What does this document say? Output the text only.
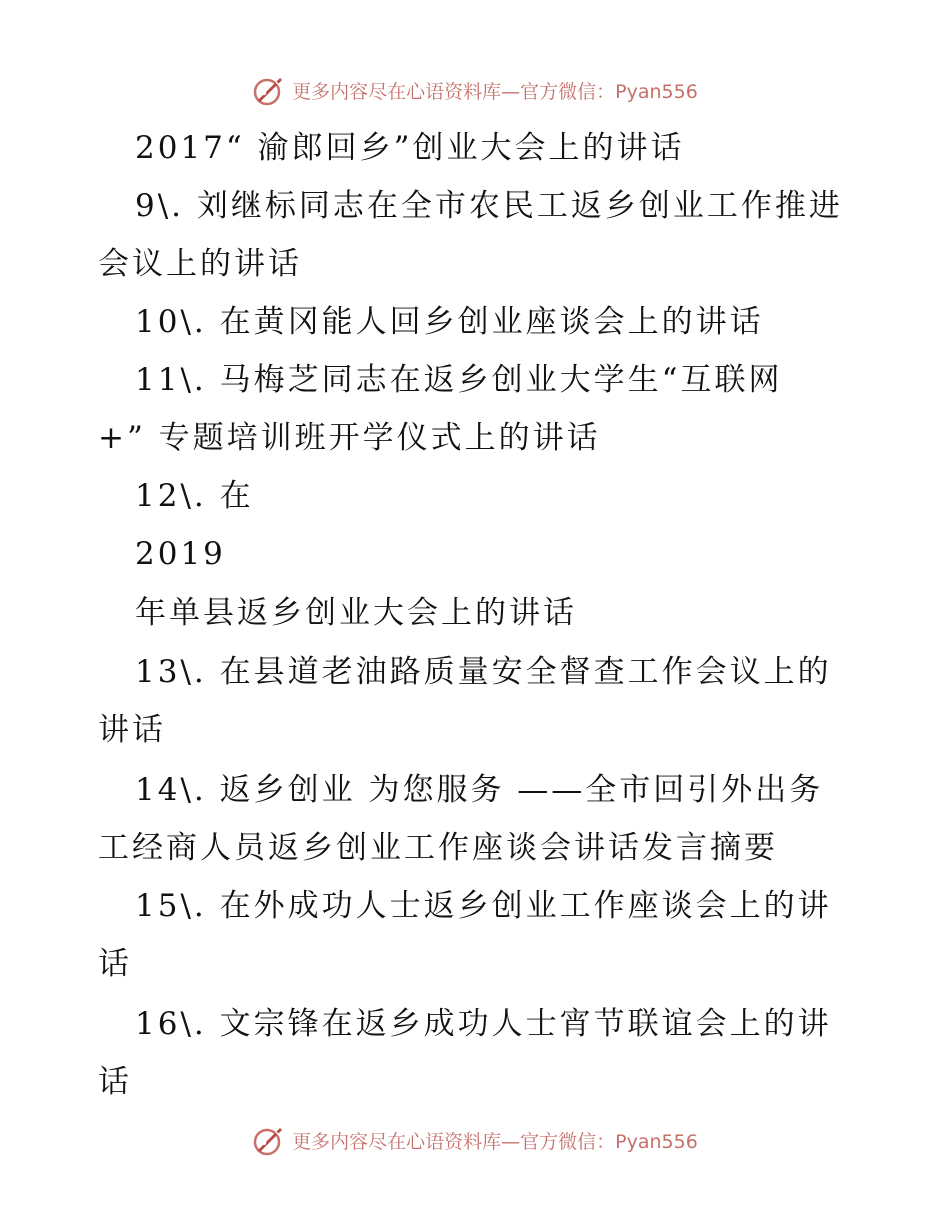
更多内容尽在心语资料库—官方微信：Pyan556
2017“ 渝郎回乡”创业大会上的讲话
9\. 刘继标同志在全市农民工返乡创业工作推进
会议上的讲话
10\. 在黄冈能人回乡创业座谈会上的讲话
11\. 马梅芝同志在返乡创业大学生“互联网
+” 专题培训班开学仪式上的讲话
12\. 在
2019
年单县返乡创业大会上的讲话
13\. 在县道老油路质量安全督查工作会议上的
讲话
14\. 返乡创业 为您服务 ——全市回引外出务
工经商人员返乡创业工作座谈会讲话发言摘要
15\. 在外成功人士返乡创业工作座谈会上的讲
话
16\. 文宗锋在返乡成功人士宵节联谊会上的讲
话
更多内容尽在心语资料库—官方微信：Pyan556
